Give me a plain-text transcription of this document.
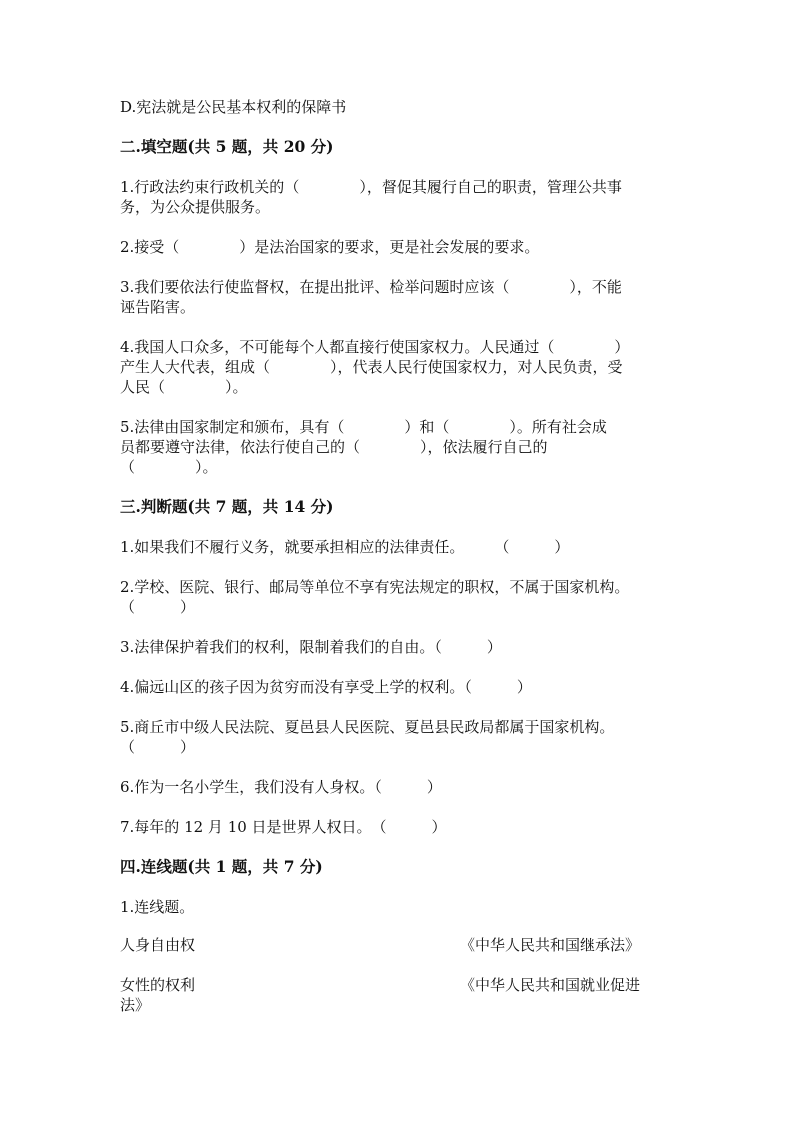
D.宪法就是公民基本权利的保障书
二.填空题(共 5 题，共 20 分)
1.行政法约束行政机关的（　　　　），督促其履行自己的职责，管理公共事
务，为公众提供服务。
2.接受（　　　　）是法治国家的要求，更是社会发展的要求。
3.我们要依法行使监督权，在提出批评、检举问题时应该（　　　　），不能
诬告陷害。
4.我国人口众多，不可能每个人都直接行使国家权力。人民通过（　　　　）
产生人大代表，组成（　　　　），代表人民行使国家权力，对人民负责，受
人民（　　　　）。
5.法律由国家制定和颁布，具有（　　　　）和（　　　　）。所有社会成
员都要遵守法律，依法行使自己的（　　　　），依法履行自己的
（　　　　）。
三.判断题(共 7 题，共 14 分)
1.如果我们不履行义务，就要承担相应的法律责任。　　　（　　　）
2.学校、医院、银行、邮局等单位不享有宪法规定的职权，不属于国家机构。
（　　　）
3.法律保护着我们的权利，限制着我们的自由。（　　　）
4.偏远山区的孩子因为贫穷而没有享受上学的权利。（　　　）
5.商丘市中级人民法院、夏邑县人民医院、夏邑县民政局都属于国家机构。
（　　　）
6.作为一名小学生，我们没有人身权。（　　　）
7.每年的 12 月 10 日是世界人权日。　（　　　）
四.连线题(共 1 题，共 7 分)
1.连线题。
人身自由权	《中华人民共和国继承法》
女性的权利	《中华人民共和国就业促进
法》
